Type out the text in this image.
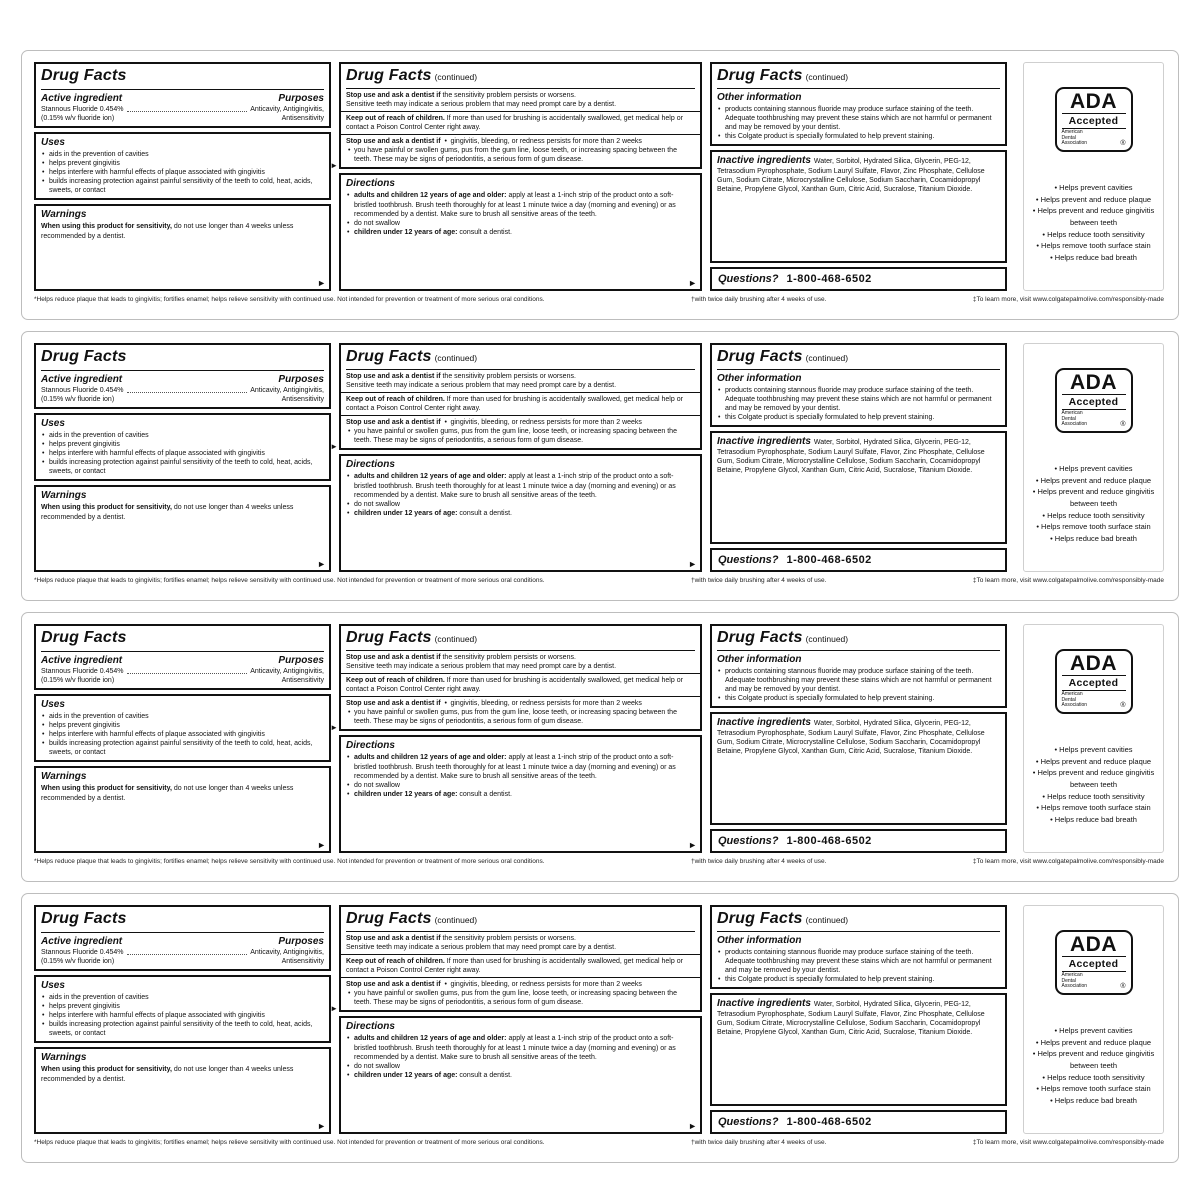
Drug Facts
Active ingredient	Purposes
Stannous Fluoride 0.454%	Anticavity, Antigingivitis,
(0.15% w/v fluoride ion)	Antisensitivity
Uses
• aids in the prevention of cavities
• helps prevent gingivitis
• helps interfere with harmful effects of plaque associated with gingivitis
• builds increasing protection against painful sensitivity of the teeth to cold, heat, acids, sweets, or contact
►
Warnings

When using this product for sensitivity, do not use longer than 4 weeks unless recommended by a dentist.

►
Drug Facts (continued)

Stop use and ask a dentist if the sensitivity problem persists or worsens.
Sensitive teeth may indicate a serious problem that may need prompt care by a dentist.

Keep out of reach of children. If more than used for brushing is accidentally swallowed, get medical help or contact a Poison Control Center right away.

Stop use and ask a dentist if • gingivitis, bleeding, or redness persists for more than 2 weeks • you have painful or swollen gums, pus from the gum line, loose teeth, or increasing spacing between the teeth. These may be signs of periodontitis, a serious form of gum disease.

Directions
• adults and children 12 years of age and older: apply at least a 1-inch strip of the product onto a soft-bristled toothbrush. Brush teeth thoroughly for at least 1 minute twice a day (morning and evening) or as recommended by a dentist. Make sure to brush all sensitive areas of the teeth.
• do not swallow
• children under 12 years of age: consult a dentist.
►
Drug Facts (continued)
Other information
• products containing stannous fluoride may produce surface staining of the teeth. Adequate toothbrushing may prevent these stains which are not harmful or permanent and may be removed by your dentist.
• this Colgate product is specially formulated to help prevent staining.

Inactive ingredients Water, Sorbitol, Hydrated Silica, Glycerin, PEG-12, Tetrasodium Pyrophosphate, Sodium Lauryl Sulfate, Flavor, Zinc Phosphate, Cellulose Gum, Sodium Citrate, Microcrystalline Cellulose, Sodium Saccharin, Cocamidopropyl Betaine, Propylene Glycol, Xanthan Gum, Citric Acid, Sucralose, Titanium Dioxide.

Questions? 1-800-468-6502
ADA
Accepted
American
Dental
Association	®
• Helps prevent cavities
• Helps prevent and reduce plaque
• Helps prevent and reduce gingivitis between teeth
• Helps reduce tooth sensitivity
• Helps remove tooth surface stain
• Helps reduce bad breath
*Helps reduce plaque that leads to gingivitis; fortifies enamel; helps relieve sensitivity with continued use. Not intended for prevention or treatment of more serious oral conditions.	†with twice daily brushing after 4 weeks of use.	‡To learn more, visit www.colgatepalmolive.com/responsibly-made
Drug Facts
Active ingredient	Purposes
Stannous Fluoride 0.454%	Anticavity, Antigingivitis,
(0.15% w/v fluoride ion)	Antisensitivity
Uses
• aids in the prevention of cavities
• helps prevent gingivitis
• helps interfere with harmful effects of plaque associated with gingivitis
• builds increasing protection against painful sensitivity of the teeth to cold, heat, acids, sweets, or contact
►
Warnings

When using this product for sensitivity, do not use longer than 4 weeks unless recommended by a dentist.

►
Drug Facts (continued)

Stop use and ask a dentist if the sensitivity problem persists or worsens.
Sensitive teeth may indicate a serious problem that may need prompt care by a dentist.

Keep out of reach of children. If more than used for brushing is accidentally swallowed, get medical help or contact a Poison Control Center right away.

Stop use and ask a dentist if • gingivitis, bleeding, or redness persists for more than 2 weeks • you have painful or swollen gums, pus from the gum line, loose teeth, or increasing spacing between the teeth. These may be signs of periodontitis, a serious form of gum disease.

Directions
• adults and children 12 years of age and older: apply at least a 1-inch strip of the product onto a soft-bristled toothbrush. Brush teeth thoroughly for at least 1 minute twice a day (morning and evening) or as recommended by a dentist. Make sure to brush all sensitive areas of the teeth.
• do not swallow
• children under 12 years of age: consult a dentist.
►
Drug Facts (continued)
Other information
• products containing stannous fluoride may produce surface staining of the teeth. Adequate toothbrushing may prevent these stains which are not harmful or permanent and may be removed by your dentist.
• this Colgate product is specially formulated to help prevent staining.

Inactive ingredients Water, Sorbitol, Hydrated Silica, Glycerin, PEG-12, Tetrasodium Pyrophosphate, Sodium Lauryl Sulfate, Flavor, Zinc Phosphate, Cellulose Gum, Sodium Citrate, Microcrystalline Cellulose, Sodium Saccharin, Cocamidopropyl Betaine, Propylene Glycol, Xanthan Gum, Citric Acid, Sucralose, Titanium Dioxide.

Questions? 1-800-468-6502
ADA
Accepted
American
Dental
Association	®
• Helps prevent cavities
• Helps prevent and reduce plaque
• Helps prevent and reduce gingivitis between teeth
• Helps reduce tooth sensitivity
• Helps remove tooth surface stain
• Helps reduce bad breath
*Helps reduce plaque that leads to gingivitis; fortifies enamel; helps relieve sensitivity with continued use. Not intended for prevention or treatment of more serious oral conditions.	†with twice daily brushing after 4 weeks of use.	‡To learn more, visit www.colgatepalmolive.com/responsibly-made
Drug Facts
Active ingredient	Purposes
Stannous Fluoride 0.454%	Anticavity, Antigingivitis,
(0.15% w/v fluoride ion)	Antisensitivity
Uses
• aids in the prevention of cavities
• helps prevent gingivitis
• helps interfere with harmful effects of plaque associated with gingivitis
• builds increasing protection against painful sensitivity of the teeth to cold, heat, acids, sweets, or contact
►
Warnings

When using this product for sensitivity, do not use longer than 4 weeks unless recommended by a dentist.

►
Drug Facts (continued)

Stop use and ask a dentist if the sensitivity problem persists or worsens.
Sensitive teeth may indicate a serious problem that may need prompt care by a dentist.

Keep out of reach of children. If more than used for brushing is accidentally swallowed, get medical help or contact a Poison Control Center right away.

Stop use and ask a dentist if • gingivitis, bleeding, or redness persists for more than 2 weeks • you have painful or swollen gums, pus from the gum line, loose teeth, or increasing spacing between the teeth. These may be signs of periodontitis, a serious form of gum disease.

Directions
• adults and children 12 years of age and older: apply at least a 1-inch strip of the product onto a soft-bristled toothbrush. Brush teeth thoroughly for at least 1 minute twice a day (morning and evening) or as recommended by a dentist. Make sure to brush all sensitive areas of the teeth.
• do not swallow
• children under 12 years of age: consult a dentist.
►
Drug Facts (continued)
Other information
• products containing stannous fluoride may produce surface staining of the teeth. Adequate toothbrushing may prevent these stains which are not harmful or permanent and may be removed by your dentist.
• this Colgate product is specially formulated to help prevent staining.

Inactive ingredients Water, Sorbitol, Hydrated Silica, Glycerin, PEG-12, Tetrasodium Pyrophosphate, Sodium Lauryl Sulfate, Flavor, Zinc Phosphate, Cellulose Gum, Sodium Citrate, Microcrystalline Cellulose, Sodium Saccharin, Cocamidopropyl Betaine, Propylene Glycol, Xanthan Gum, Citric Acid, Sucralose, Titanium Dioxide.

Questions? 1-800-468-6502
ADA
Accepted
American
Dental
Association	®
• Helps prevent cavities
• Helps prevent and reduce plaque
• Helps prevent and reduce gingivitis between teeth
• Helps reduce tooth sensitivity
• Helps remove tooth surface stain
• Helps reduce bad breath
*Helps reduce plaque that leads to gingivitis; fortifies enamel; helps relieve sensitivity with continued use. Not intended for prevention or treatment of more serious oral conditions.	†with twice daily brushing after 4 weeks of use.	‡To learn more, visit www.colgatepalmolive.com/responsibly-made
Drug Facts
Active ingredient	Purposes
Stannous Fluoride 0.454%	Anticavity, Antigingivitis,
(0.15% w/v fluoride ion)	Antisensitivity
Uses
• aids in the prevention of cavities
• helps prevent gingivitis
• helps interfere with harmful effects of plaque associated with gingivitis
• builds increasing protection against painful sensitivity of the teeth to cold, heat, acids, sweets, or contact
►
Warnings

When using this product for sensitivity, do not use longer than 4 weeks unless recommended by a dentist.

►
Drug Facts (continued)

Stop use and ask a dentist if the sensitivity problem persists or worsens.
Sensitive teeth may indicate a serious problem that may need prompt care by a dentist.

Keep out of reach of children. If more than used for brushing is accidentally swallowed, get medical help or contact a Poison Control Center right away.

Stop use and ask a dentist if • gingivitis, bleeding, or redness persists for more than 2 weeks • you have painful or swollen gums, pus from the gum line, loose teeth, or increasing spacing between the teeth. These may be signs of periodontitis, a serious form of gum disease.

Directions
• adults and children 12 years of age and older: apply at least a 1-inch strip of the product onto a soft-bristled toothbrush. Brush teeth thoroughly for at least 1 minute twice a day (morning and evening) or as recommended by a dentist. Make sure to brush all sensitive areas of the teeth.
• do not swallow
• children under 12 years of age: consult a dentist.
►
Drug Facts (continued)
Other information
• products containing stannous fluoride may produce surface staining of the teeth. Adequate toothbrushing may prevent these stains which are not harmful or permanent and may be removed by your dentist.
• this Colgate product is specially formulated to help prevent staining.

Inactive ingredients Water, Sorbitol, Hydrated Silica, Glycerin, PEG-12, Tetrasodium Pyrophosphate, Sodium Lauryl Sulfate, Flavor, Zinc Phosphate, Cellulose Gum, Sodium Citrate, Microcrystalline Cellulose, Sodium Saccharin, Cocamidopropyl Betaine, Propylene Glycol, Xanthan Gum, Citric Acid, Sucralose, Titanium Dioxide.

Questions? 1-800-468-6502
ADA
Accepted
American
Dental
Association	®
• Helps prevent cavities
• Helps prevent and reduce plaque
• Helps prevent and reduce gingivitis between teeth
• Helps reduce tooth sensitivity
• Helps remove tooth surface stain
• Helps reduce bad breath
*Helps reduce plaque that leads to gingivitis; fortifies enamel; helps relieve sensitivity with continued use. Not intended for prevention or treatment of more serious oral conditions.	†with twice daily brushing after 4 weeks of use.	‡To learn more, visit www.colgatepalmolive.com/responsibly-made
